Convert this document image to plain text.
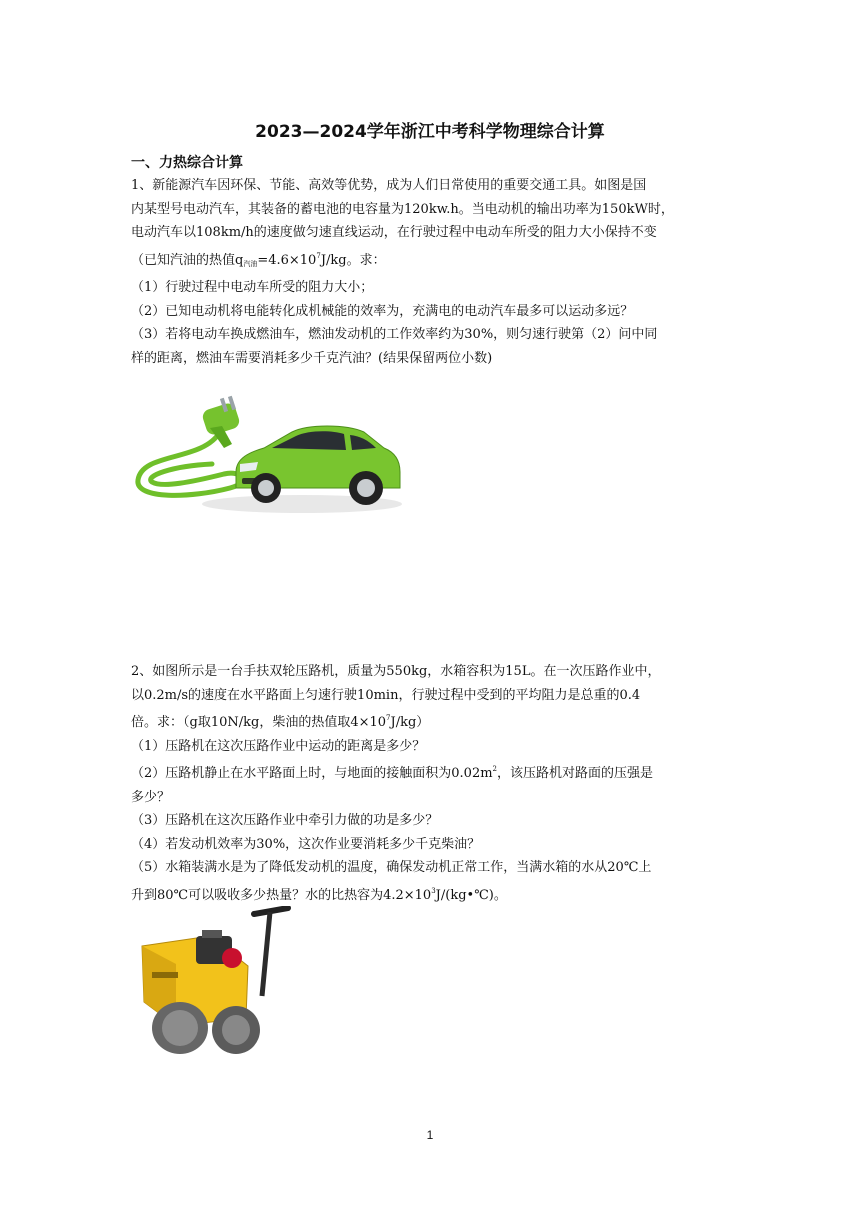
2023—2024学年浙江中考科学物理综合计算
一、力热综合计算

1、新能源汽车因环保、节能、高效等优势，成为人们日常使用的重要交通工具。如图是国

内某型号电动汽车，其装备的蓄电池的电容量为120kw.h。当电动机的输出功率为150kW时，

电动汽车以108km/h的速度做匀速直线运动，在行驶过程中电动车所受的阻力大小保持不变

（已知汽油的热值$q_{汽油}=4.6\times 10^7J/kg$。求：

（1）行驶过程中电动车所受的阻力大小；

（2）已知电动机将电能转化成机械能的效率为，充满电的电动汽车最多可以运动多远？

（3）若将电动车换成燃油车，燃油发动机的工作效率约为30%，则匀速行驶第（2）问中同

样的距离，燃油车需要消耗多少千克汽油？(结果保留两位小数)

2、如图所示是一台手扶双轮压路机，质量为550kg，水箱容积为15L。在一次压路作业中，

以0.2m/s的速度在水平路面上匀速行驶10min，行驶过程中受到的平均阻力是总重的0.4

倍。求：（g取10N/kg，柴油的热值取$4\times 10^7J/kg$）

（1）压路机在这次压路作业中运动的距离是多少？

（2）压路机静止在水平路面上时，与地面的接触面积为$0.02m^2$，该压路机对路面的压强是

多少？

（3）压路机在这次压路作业中牵引力做的功是多少？

（4）若发动机效率为30%，这次作业要消耗多少千克柴油？

（5）水箱装满水是为了降低发动机的温度，确保发动机正常工作，当满水箱的水从20℃上

升到80℃可以吸收多少热量？水的比热容为$4.2\times 10^3J/(kg•℃)$。

1
